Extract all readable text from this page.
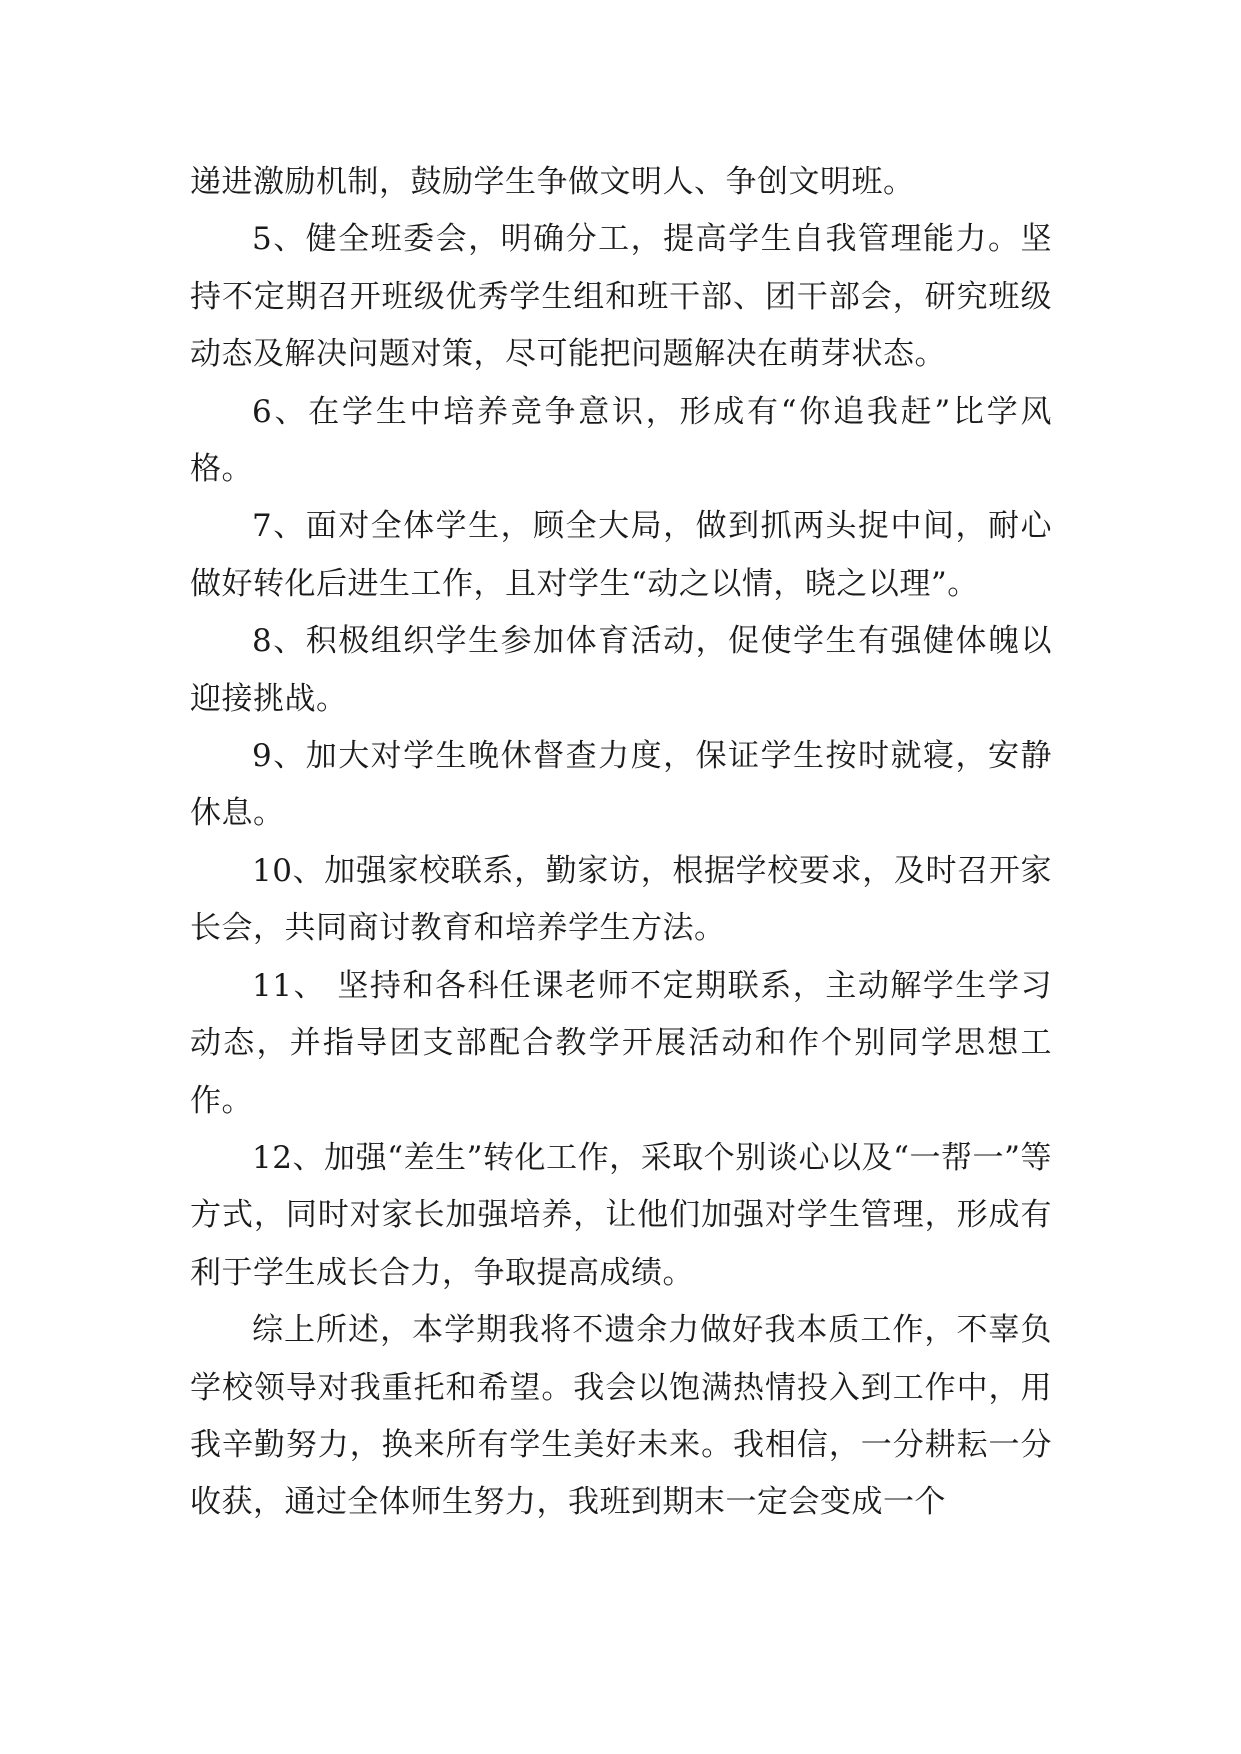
递进激励机制，鼓励学生争做文明人、争创文明班。

5、健全班委会，明确分工，提高学生自我管理能力。坚持不定期召开班级优秀学生组和班干部、团干部会，研究班级动态及解决问题对策，尽可能把问题解决在萌芽状态。

6、在学生中培养竞争意识，形成有“你追我赶”比学风格。

7、面对全体学生，顾全大局，做到抓两头捉中间，耐心做好转化后进生工作，且对学生“动之以情，晓之以理”。

8、积极组织学生参加体育活动，促使学生有强健体魄以迎接挑战。

9、加大对学生晚休督查力度，保证学生按时就寝，安静休息。

10、加强家校联系，勤家访，根据学校要求，及时召开家长会，共同商讨教育和培养学生方法。

11、 坚持和各科任课老师不定期联系，主动解学生学习动态，并指导团支部配合教学开展活动和作个别同学思想工作。

12、加强“差生”转化工作，采取个别谈心以及“一帮一”等方式，同时对家长加强培养，让他们加强对学生管理，形成有利于学生成长合力，争取提高成绩。

综上所述，本学期我将不遗余力做好我本质工作，不辜负学校领导对我重托和希望。我会以饱满热情投入到工作中，用我辛勤努力，换来所有学生美好未来。我相信，一分耕耘一分收获，通过全体师生努力，我班到期末一定会变成一个
